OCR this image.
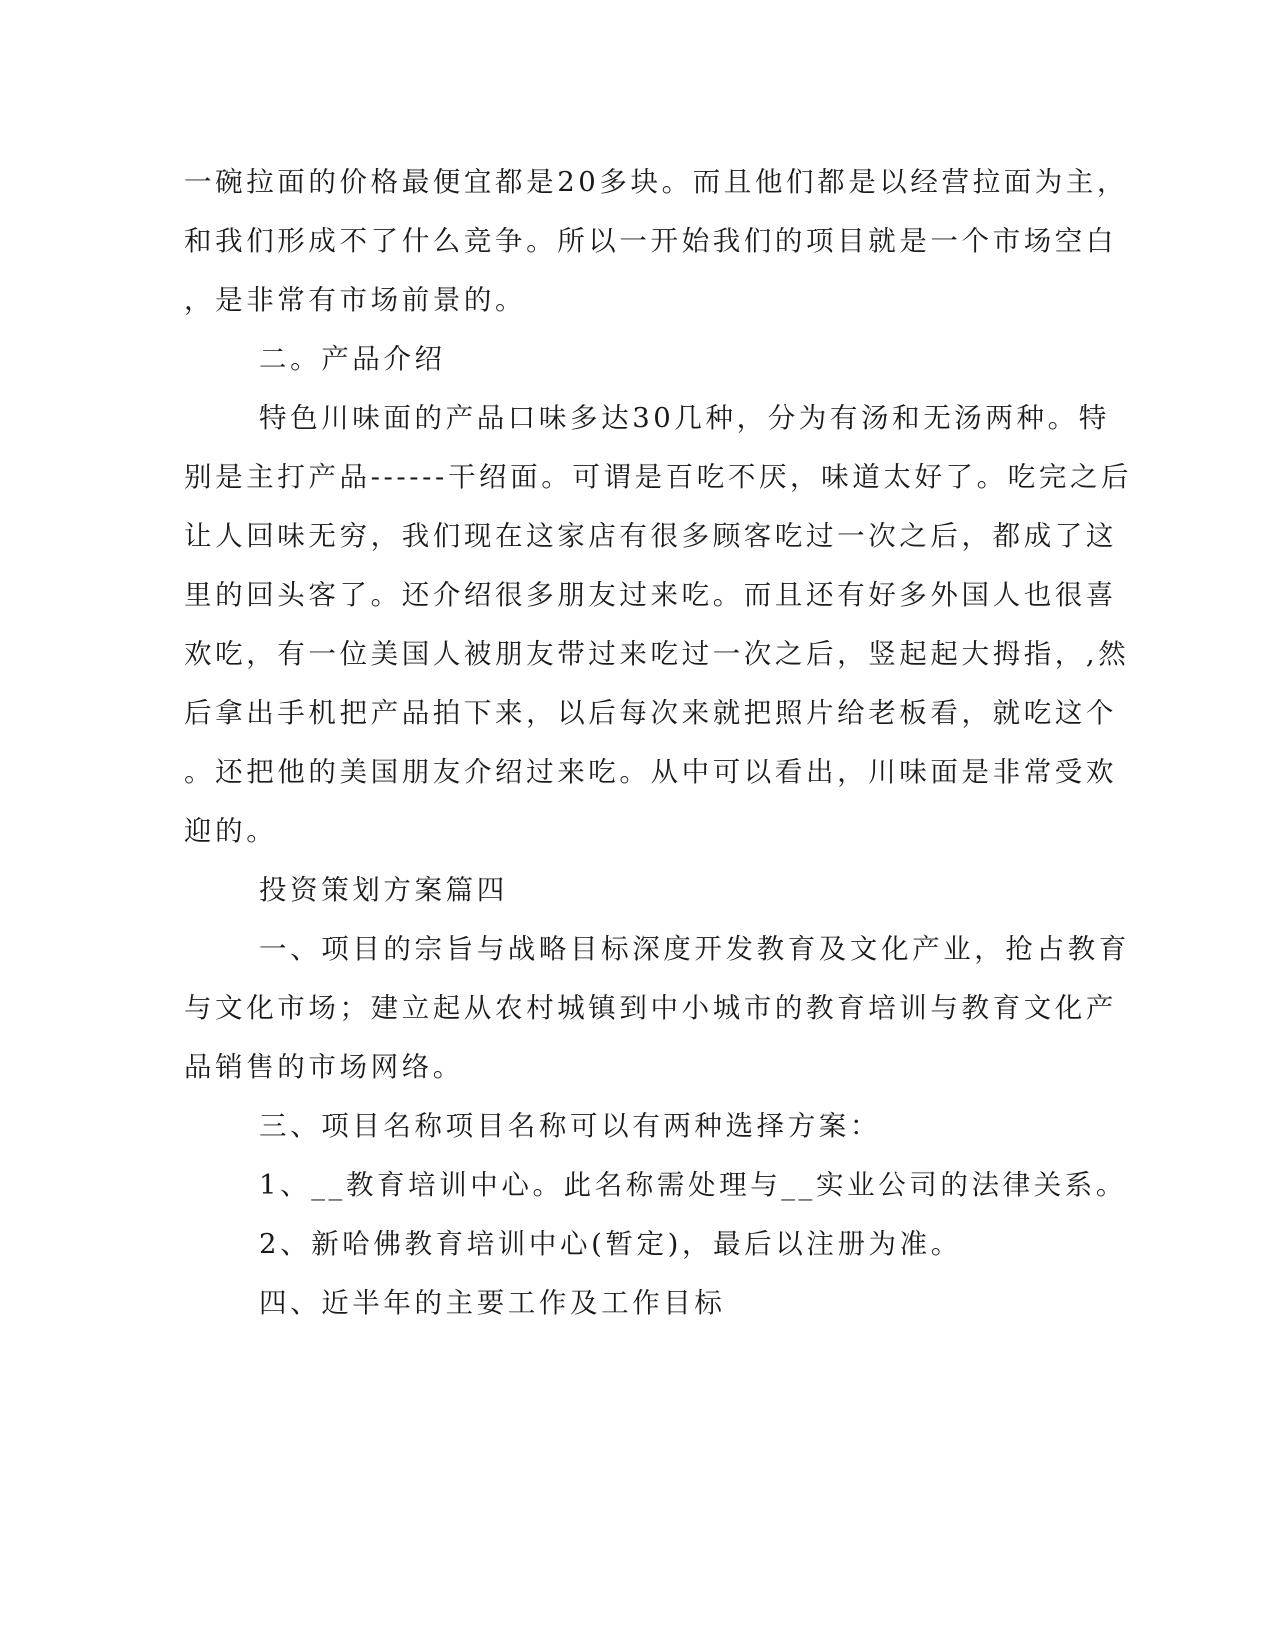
一碗拉面的价格最便宜都是20多块。而且他们都是以经营拉面为主，
和我们形成不了什么竞争。所以一开始我们的项目就是一个市场空白
，是非常有市场前景的。
二。产品介绍
特色川味面的产品口味多达30几种，分为有汤和无汤两种。特
别是主打产品------干绍面。可谓是百吃不厌，味道太好了。吃完之后
让人回味无穷，我们现在这家店有很多顾客吃过一次之后，都成了这
里的回头客了。还介绍很多朋友过来吃。而且还有好多外国人也很喜
欢吃，有一位美国人被朋友带过来吃过一次之后，竖起起大拇指，,然
后拿出手机把产品拍下来，以后每次来就把照片给老板看，就吃这个
。还把他的美国朋友介绍过来吃。从中可以看出，川味面是非常受欢
迎的。
投资策划方案篇四
一、项目的宗旨与战略目标深度开发教育及文化产业，抢占教育
与文化市场；建立起从农村城镇到中小城市的教育培训与教育文化产
品销售的市场网络。
三、项目名称项目名称可以有两种选择方案：
1、__教育培训中心。此名称需处理与__实业公司的法律关系。
2、新哈佛教育培训中心(暂定)，最后以注册为准。
四、近半年的主要工作及工作目标
